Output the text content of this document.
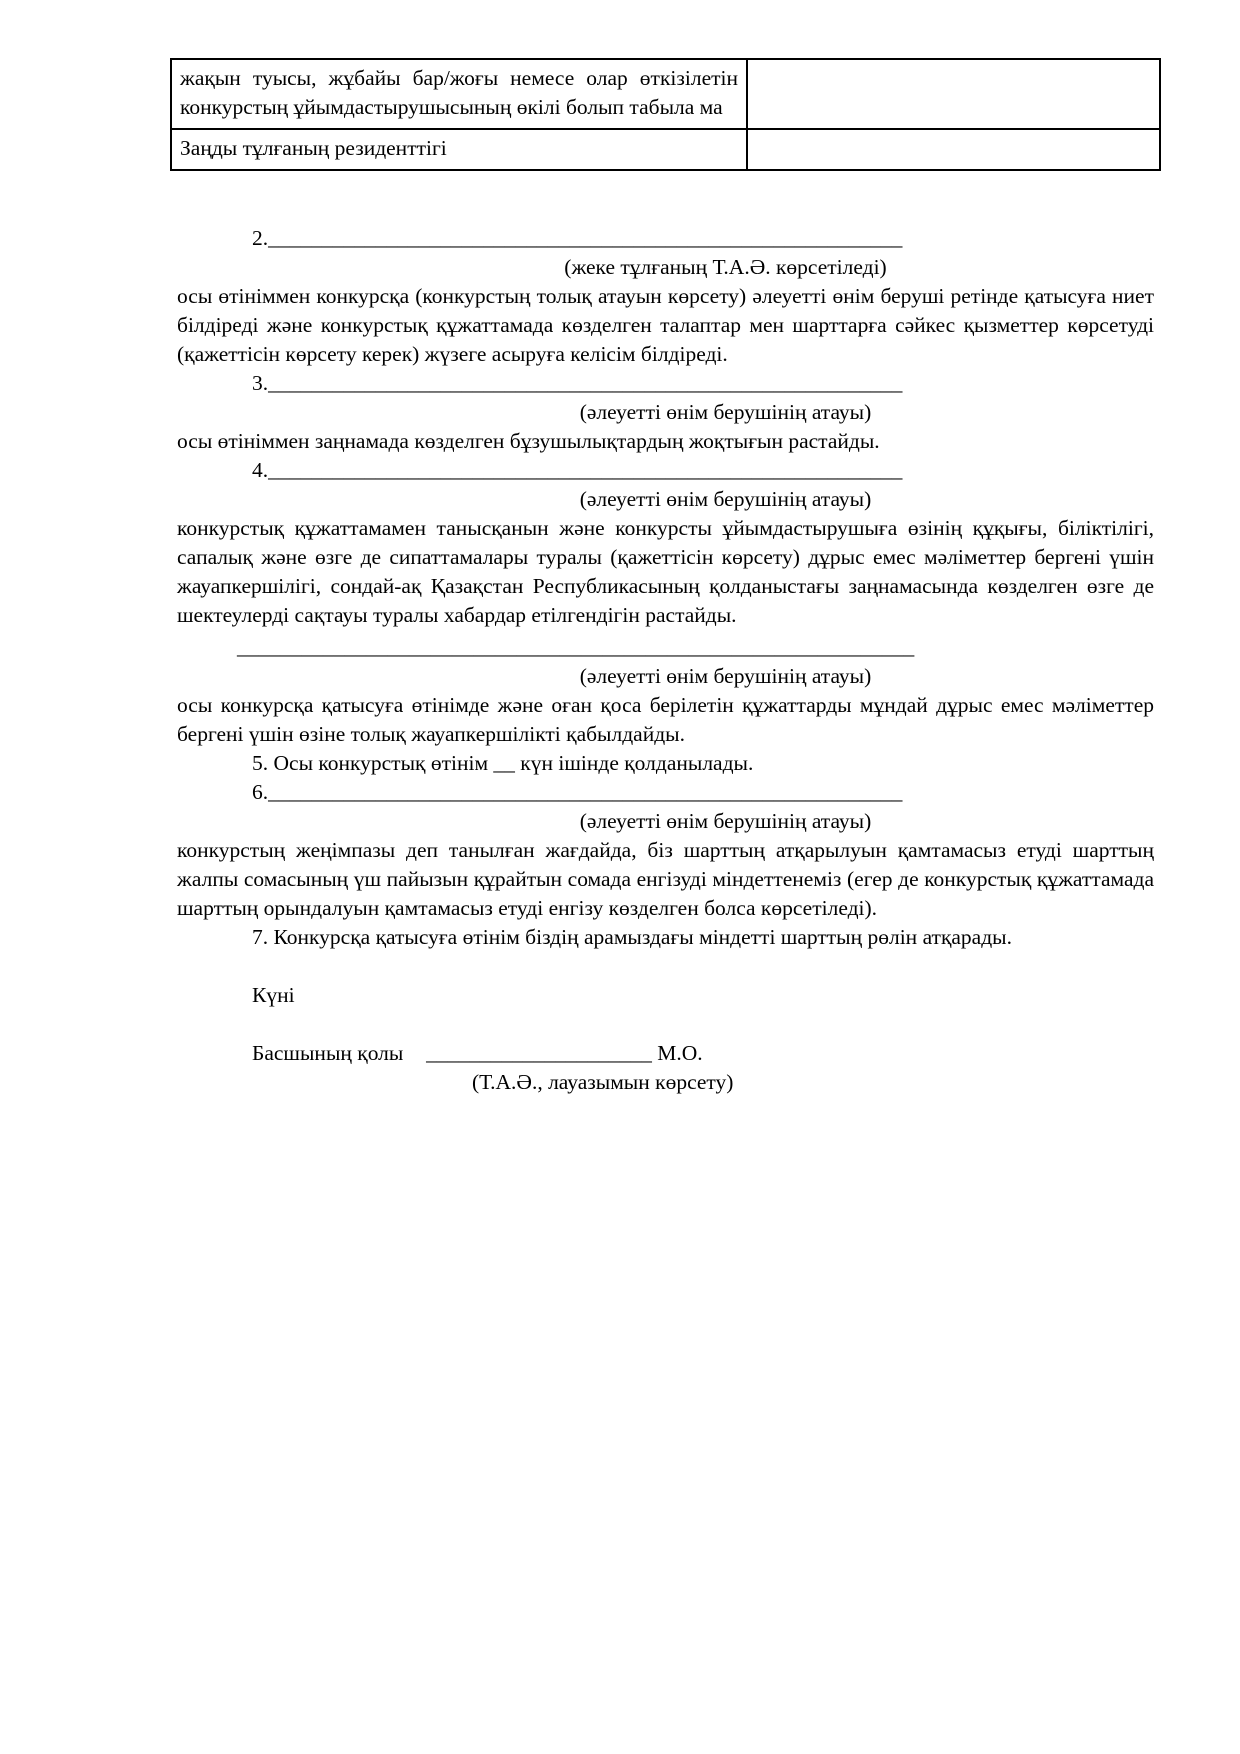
жақын туысы, жұбайы бар/жоғы немесе олар өткізілетін конкурстың ұйымдастырушысының өкілі болып табыла ма	
Заңды тұлғаның резиденттігі	
2.___________________________________________________________
(жеке тұлғаның Т.А.Ә. көрсетіледі)

осы өтініммен конкурсқа (конкурстың толық атауын көрсету) әлеуетті өнім беруші ретінде қатысуға ниет білдіреді және конкурстық құжаттамада көзделген талаптар мен шарттарға сәйкес қызметтер көрсетуді (қажеттісін көрсету керек) жүзеге асыруға келісім білдіреді.

3.___________________________________________________________
(әлеуетті өнім берушінің атауы)

осы өтініммен заңнамада көзделген бұзушылықтардың жоқтығын растайды.

4.___________________________________________________________
(әлеуетті өнім берушінің атауы)

конкурстық құжаттамамен танысқанын және конкурсты ұйымдастырушыға өзінің құқығы, біліктілігі, сапалық және өзге де сипаттамалары туралы (қажеттісін көрсету) дұрыс емес мәліметтер бергені үшін жауапкершілігі, сондай-ақ Қазақстан Республикасының қолданыстағы заңнамасында көзделген өзге де шектеулерді сақтауы туралы хабардар етілгендігін растайды.

_______________________________________________________________
(әлеуетті өнім берушінің атауы)

осы конкурсқа қатысуға өтінімде және оған қоса берілетін құжаттарды мұндай дұрыс емес мәліметтер бергені үшін өзіне толық жауапкершілікті қабылдайды.

5. Осы конкурстық өтінім __ күн ішінде қолданылады.
6.___________________________________________________________
(әлеуетті өнім берушінің атауы)

конкурстың жеңімпазы деп танылған жағдайда, біз шарттың атқарылуын қамтамасыз етуді шарттың жалпы сомасының үш пайызын құрайтын сомада енгізуді міндеттенеміз (егер де конкурстық құжаттамада шарттың орындалуын қамтамасыз етуді енгізу көзделген болса көрсетіледі).

7. Конкурсқа қатысуға өтінім біздің арамыздағы міндетті шарттың рөлін атқарады.
Күні
Басшының қолы _____________________ М.О.
(Т.А.Ә., лауазымын көрсету)
